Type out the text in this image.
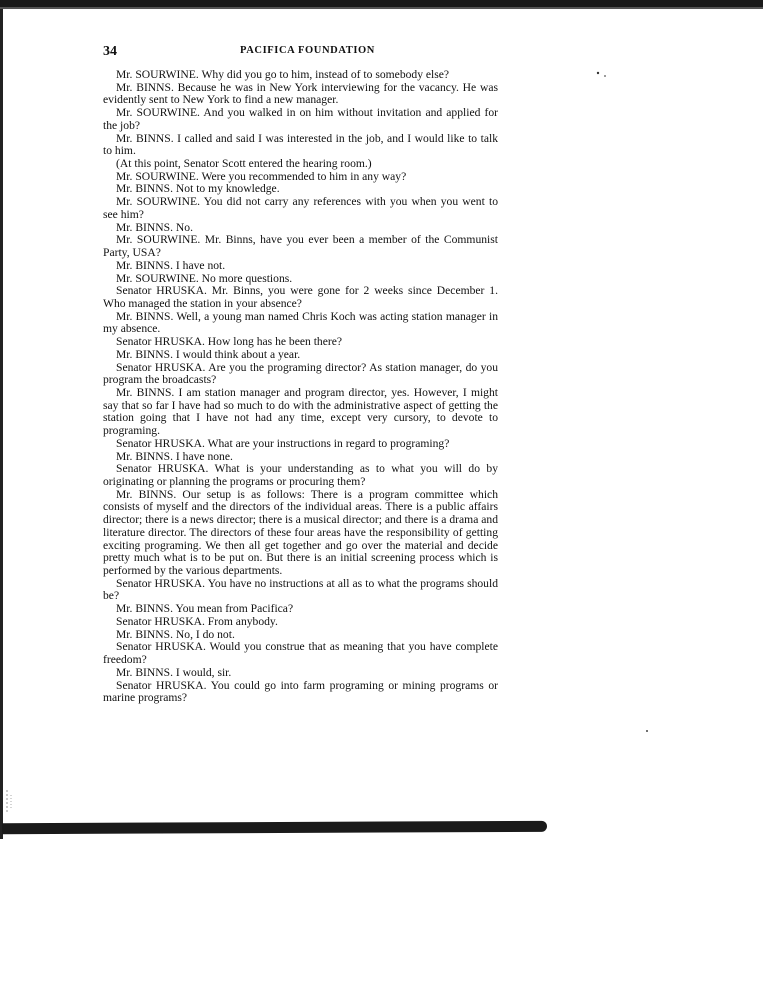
34	PACIFICA FOUNDATION

Mr. SOURWINE. Why did you go to him, instead of to somebody else?

Mr. BINNS. Because he was in New York interviewing for the vacancy. He was evidently sent to New York to find a new manager.

Mr. SOURWINE. And you walked in on him without invitation and applied for the job?

Mr. BINNS. I called and said I was interested in the job, and I would like to talk to him.

(At this point, Senator Scott entered the hearing room.)

Mr. SOURWINE. Were you recommended to him in any way?

Mr. BINNS. Not to my knowledge.

Mr. SOURWINE. You did not carry any references with you when you went to see him?

Mr. BINNS. No.

Mr. SOURWINE. Mr. Binns, have you ever been a member of the Communist Party, USA?

Mr. BINNS. I have not.

Mr. SOURWINE. No more questions.

Senator HRUSKA. Mr. Binns, you were gone for 2 weeks since December 1. Who managed the station in your absence?

Mr. BINNS. Well, a young man named Chris Koch was acting station manager in my absence.

Senator HRUSKA. How long has he been there?

Mr. BINNS. I would think about a year.

Senator HRUSKA. Are you the programing director? As station manager, do you program the broadcasts?

Mr. BINNS. I am station manager and program director, yes. However, I might say that so far I have had so much to do with the administrative aspect of getting the station going that I have not had any time, except very cursory, to devote to programing.

Senator HRUSKA. What are your instructions in regard to programing?

Mr. BINNS. I have none.

Senator HRUSKA. What is your understanding as to what you will do by originating or planning the programs or procuring them?

Mr. BINNS. Our setup is as follows: There is a program committee which consists of myself and the directors of the individual areas. There is a public affairs director; there is a news director; there is a musical director; and there is a drama and literature director. The directors of these four areas have the responsibility of getting exciting programing. We then all get together and go over the material and decide pretty much what is to be put on. But there is an initial screening process which is performed by the various departments.

Senator HRUSKA. You have no instructions at all as to what the programs should be?

Mr. BINNS. You mean from Pacifica?

Senator HRUSKA. From anybody.

Mr. BINNS. No, I do not.

Senator HRUSKA. Would you construe that as meaning that you have complete freedom?

Mr. BINNS. I would, sir.

Senator HRUSKA. You could go into farm programing or mining programs or marine programs?
